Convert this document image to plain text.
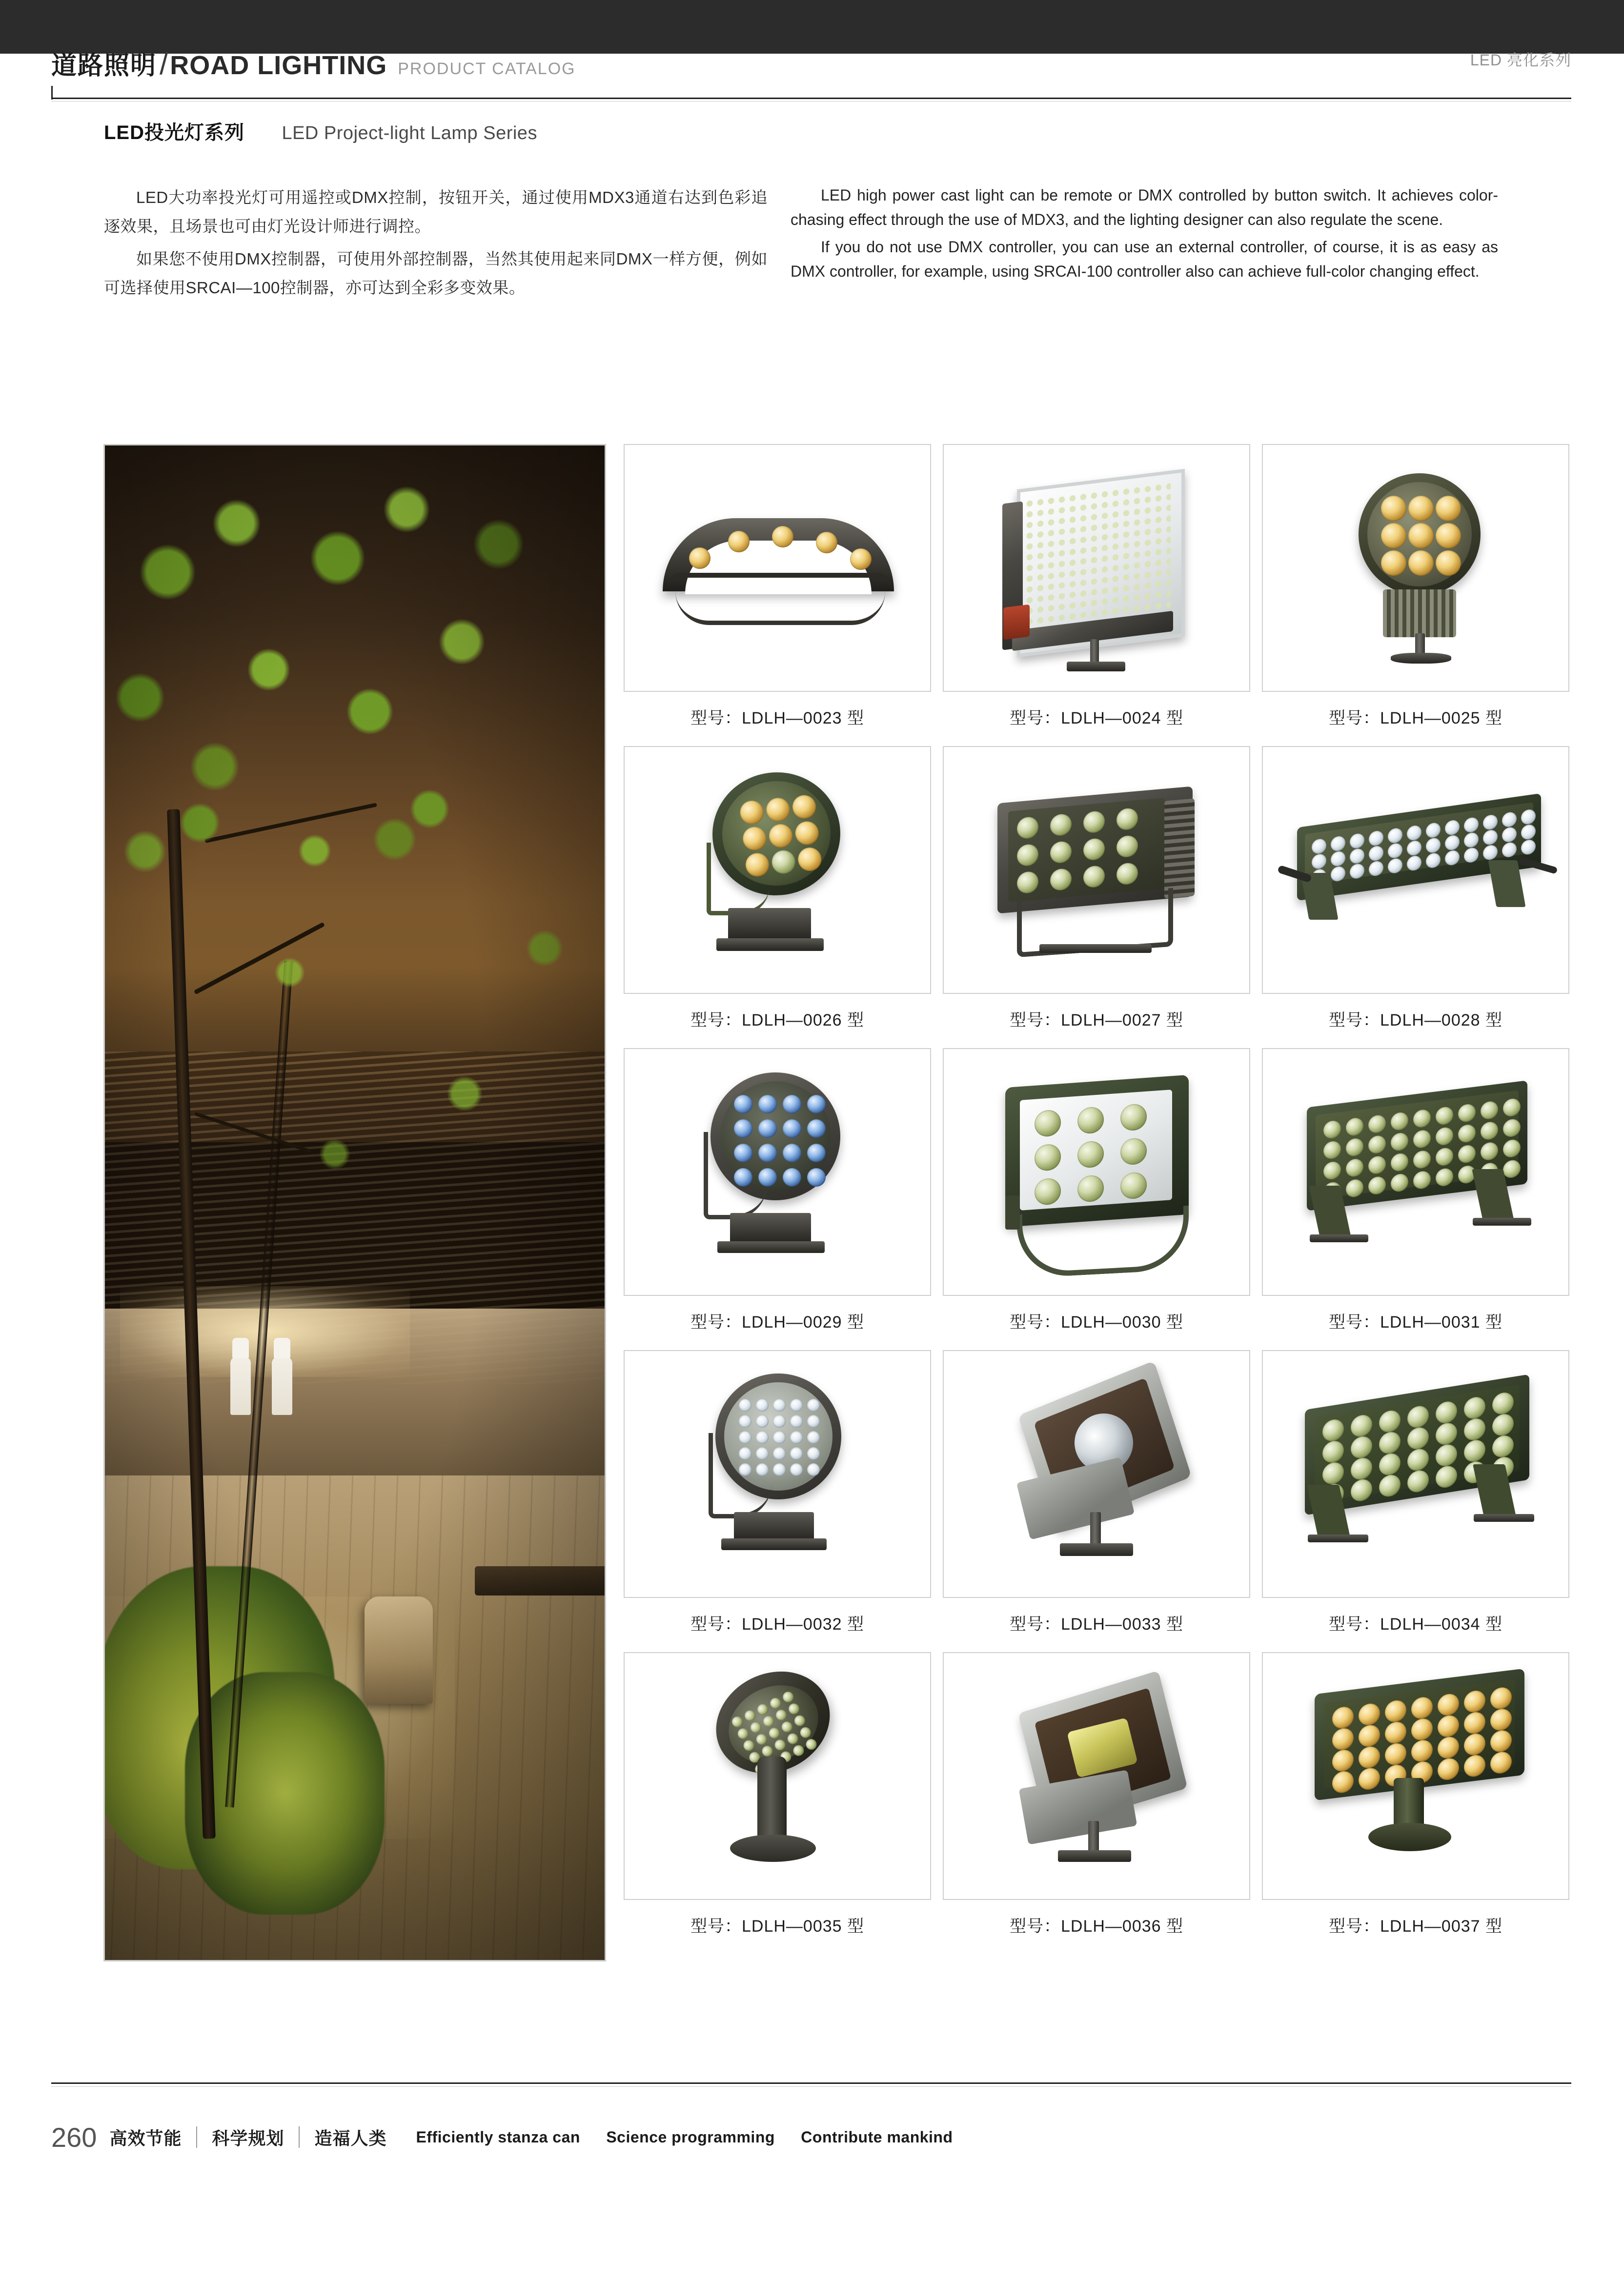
道路照明 / ROAD LIGHTING PRODUCT CATALOG	LED 亮化系列
LED投光灯系列 LED Project-light Lamp Series

LED大功率投光灯可用遥控或DMX控制，按钮开关，通过使用MDX3通道右达到色彩追逐效果，且场景也可由灯光设计师进行调控。

如果您不使用DMX控制器，可使用外部控制器，当然其使用起来同DMX一样方便，例如可选择使用SRCAI—100控制器，亦可达到全彩多变效果。

LED high power cast light can be remote or DMX controlled by button switch. It achieves color-chasing effect through the use of MDX3, and the lighting designer can also regulate the scene.

If you do not use DMX controller, you can use an external controller, of course, it is as easy as DMX controller, for example, using SRCAI-100 controller also can achieve full-color changing effect.

型号：LDLH—0023 型	型号：LDLH—0024 型	型号：LDLH—0025 型
型号：LDLH—0026 型	型号：LDLH—0027 型	型号：LDLH—0028 型
型号：LDLH—0029 型	型号：LDLH—0030 型	型号：LDLH—0031 型
型号：LDLH—0032 型	型号：LDLH—0033 型	型号：LDLH—0034 型
型号：LDLH—0035 型	型号：LDLH—0036 型	型号：LDLH—0037 型
260 高效节能 科学规划 造福人类 Efficiently stanza can Science programming Contribute mankind
